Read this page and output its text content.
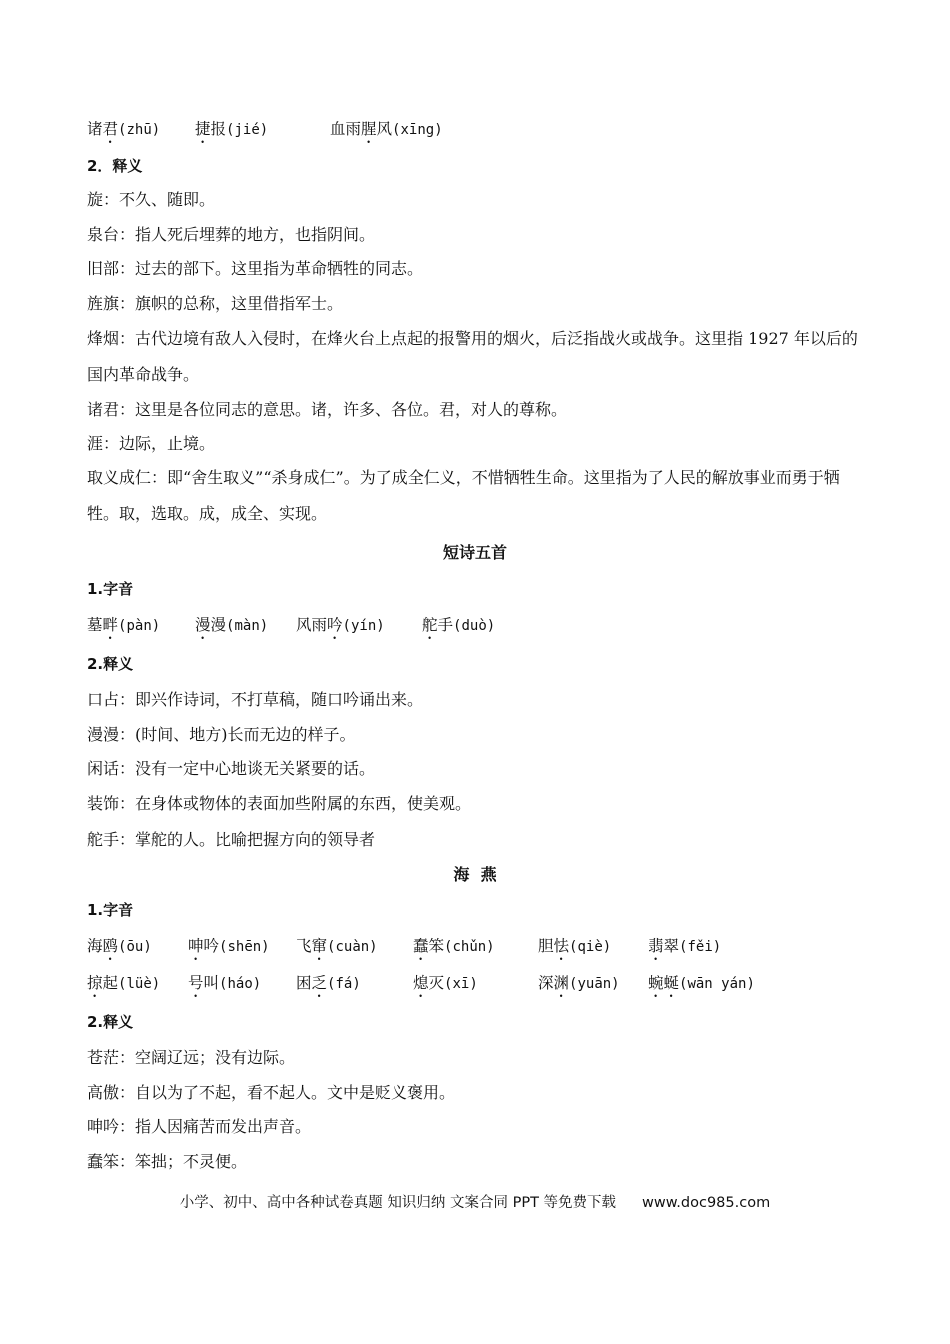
诸君(zhū) 捷报(jié)	血雨腥风(xīng)
2．释义
旋：不久、随即。
泉台：指人死后埋葬的地方，也指阴间。
旧部：过去的部下。这里指为革命牺牲的同志。
旌旗：旗帜的总称，这里借指军士。
烽烟：古代边境有敌人入侵时，在烽火台上点起的报警用的烟火，后泛指战火或战争。这里指 1927 年以后的国内革命战争。
诸君：这里是各位同志的意思。诸，许多、各位。君，对人的尊称。
涯：边际，止境。
取义成仁：即“舍生取义”“杀身成仁”。为了成全仁义，不惜牺牲生命。这里指为了人民的解放事业而勇于牺牲。取，选取。成，成全、实现。
短诗五首
1.字音
墓畔(pàn) 漫漫(màn) 风雨吟(yín) 舵手(duò)
2.释义
口占：即兴作诗词，不打草稿，随口吟诵出来。
漫漫：(时间、地方)长而无边的样子。
闲话：没有一定中心地谈无关紧要的话。
装饰：在身体或物体的表面加些附属的东西，使美观。
舵手：掌舵的人。比喻把握方向的领导者
海  燕
1.字音
海鸥(ōu) 呻吟(shēn) 飞窜(cuàn) 蠢笨(chǔn)	胆怯(qiè) 翡翠(fěi)
掠起(lüè) 号叫(háo) 困乏(fá)	熄灭(xī)	深渊(yuān) 蜿蜒(wān yán)
2.释义
苍茫：空阔辽远；没有边际。
高傲：自以为了不起，看不起人。文中是贬义褒用。
呻吟：指人因痛苦而发出声音。
蠢笨：笨拙；不灵便。
小学、初中、高中各种试卷真题 知识归纳 文案合同 PPT 等免费下载 www.doc985.com
